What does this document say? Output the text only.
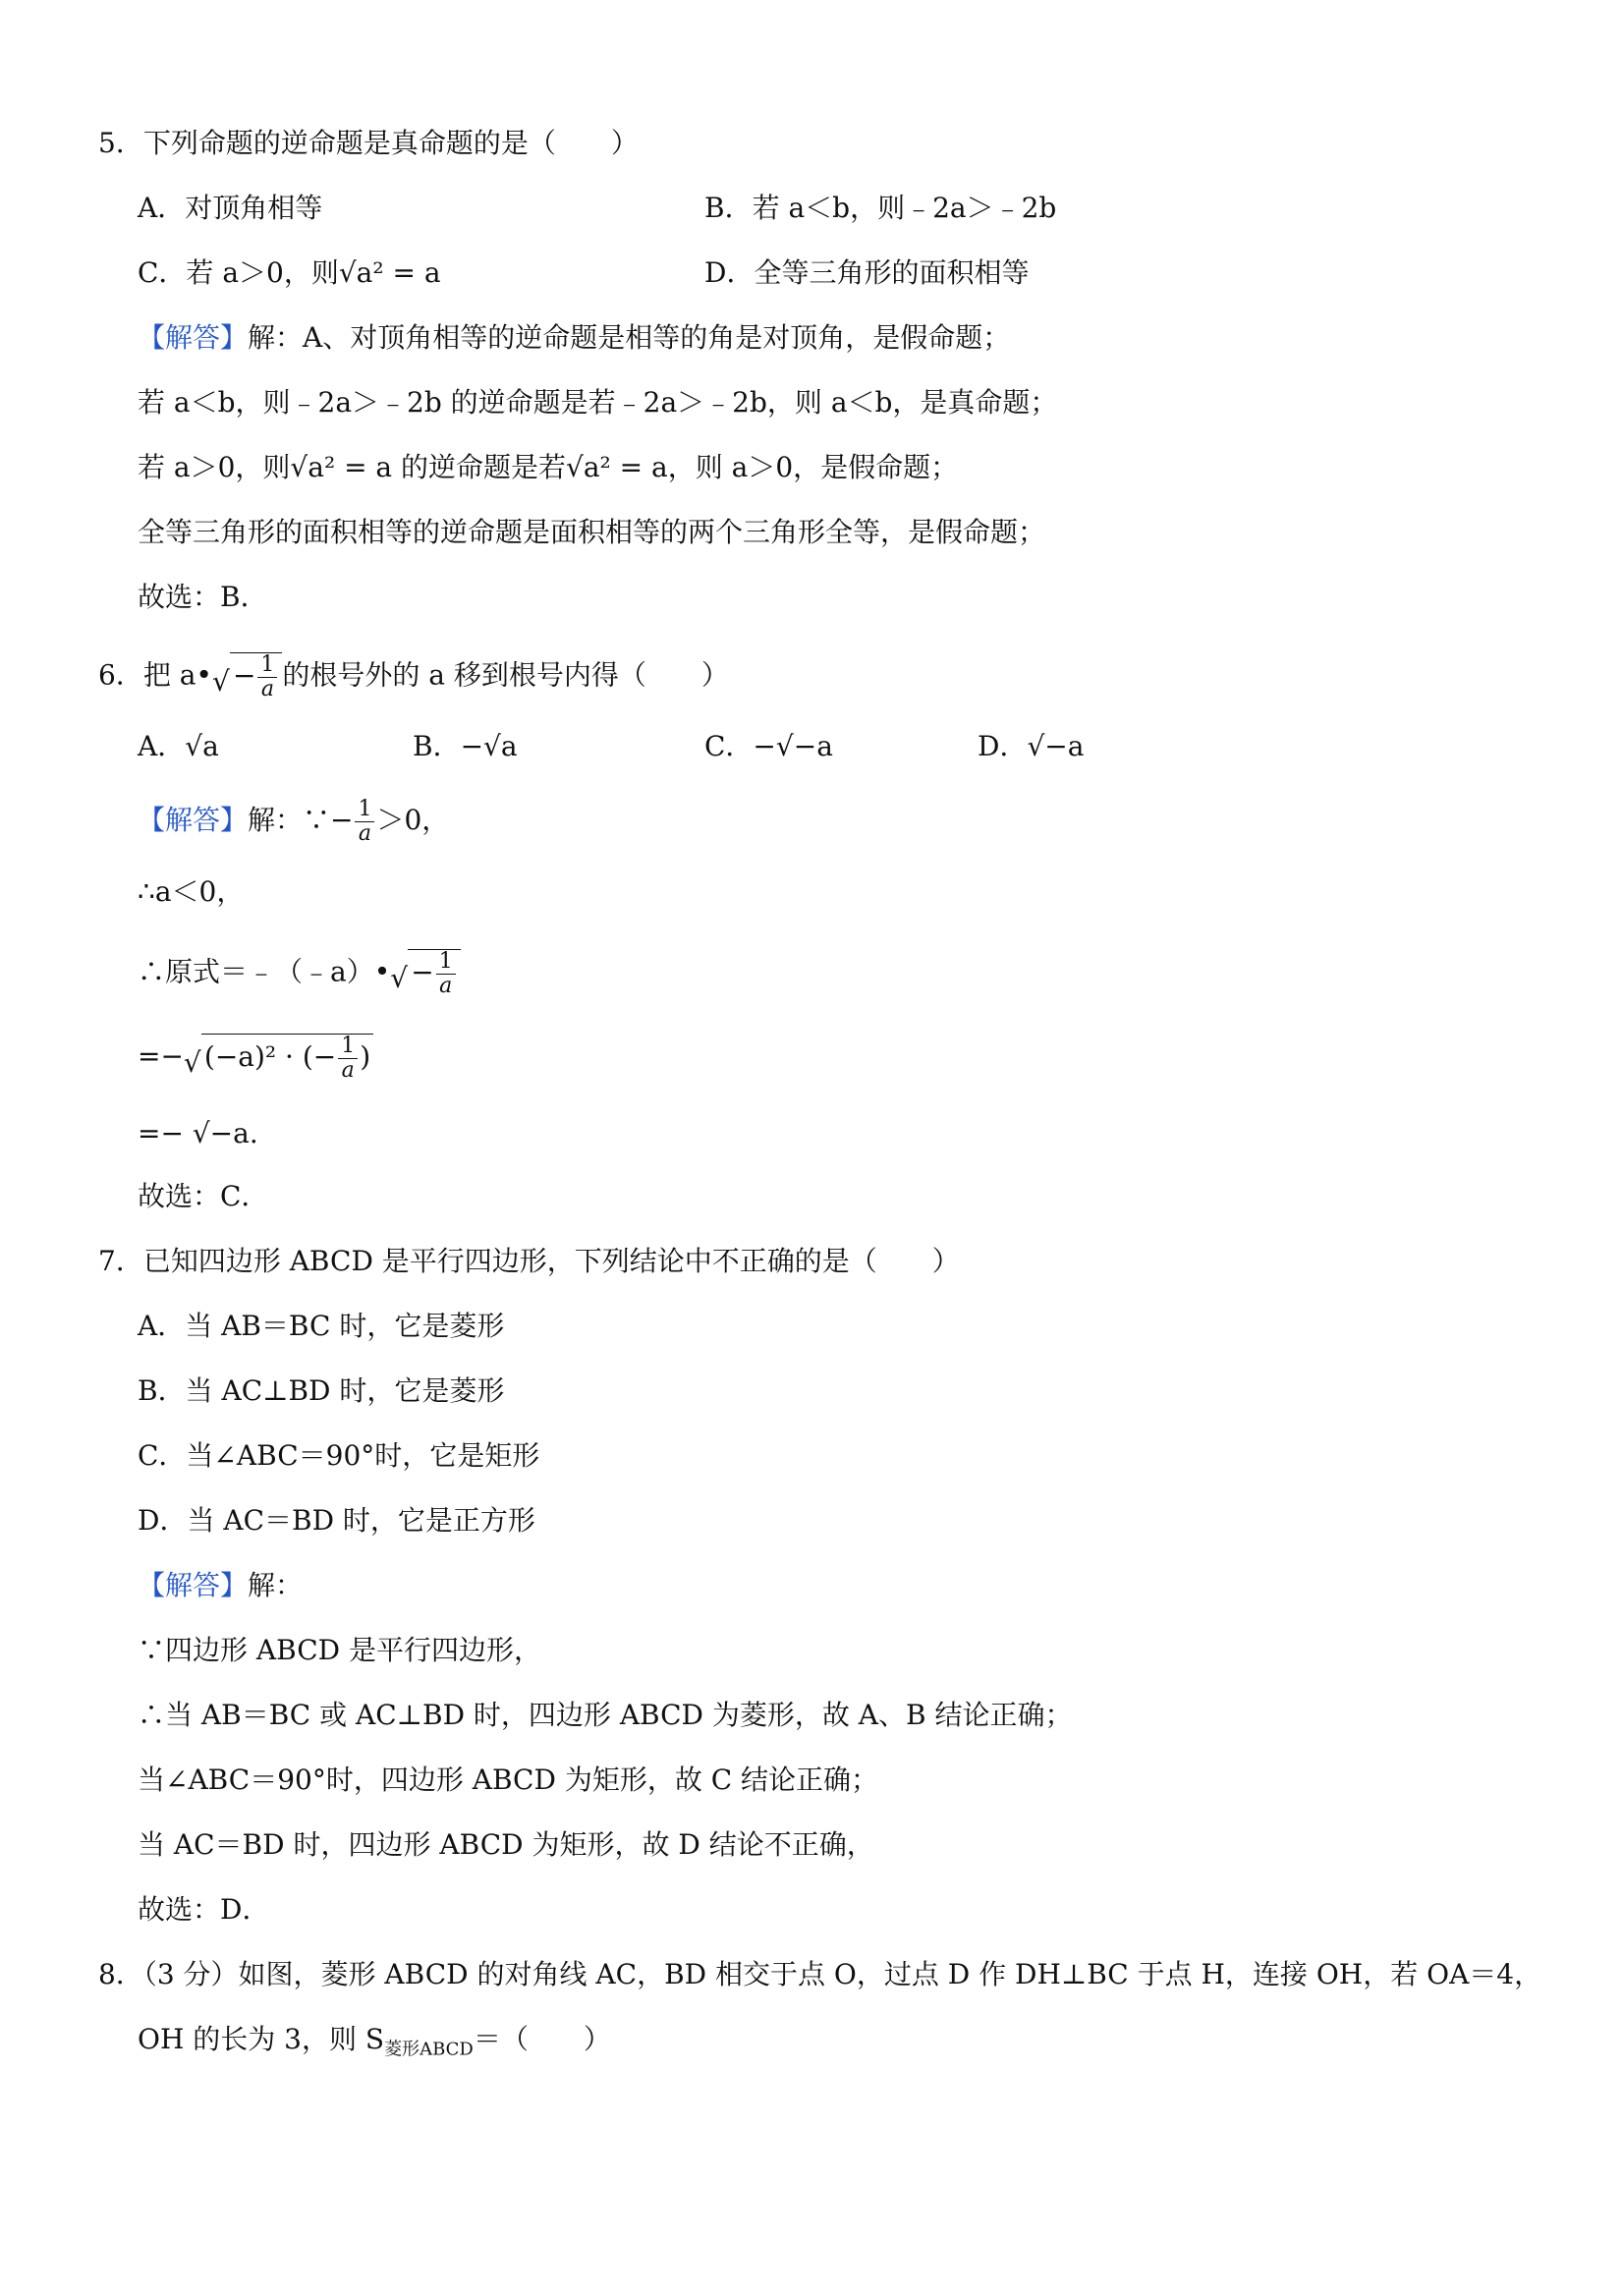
5．下列命题的逆命题是真命题的是（　　）
A．对顶角相等	B．若 a＜b，则﹣2a＞﹣2b
C．若 a＞0，则√a² = a	D．全等三角形的面积相等
【解答】解：A、对顶角相等的逆命题是相等的角是对顶角，是假命题；
若 a＜b，则﹣2a＞﹣2b 的逆命题是若﹣2a＞﹣2b，则 a＜b，是真命题；
若 a＞0，则√a² = a 的逆命题是若√a² = a，则 a＞0，是假命题；
全等三角形的面积相等的逆命题是面积相等的两个三角形全等，是假命题；
故选：B．
6．把 a• √ − $\frac{1}{a}$ 的根号外的 a 移到根号内得（　　）
A．√a	B．−√a	C．−√−a	D．√−a
【解答】解：∵− $\frac{1}{a} >0$，
∴a＜0，
∴原式＝﹣（﹣a）• √ − $\frac{1}{a}$
=− √ (−a)² · (− $\frac{1}{a}$ )
=− √−a.
故选：C．
7．已知四边形 ABCD 是平行四边形，下列结论中不正确的是（　　）
A．当 AB＝BC 时，它是菱形
B．当 AC⊥BD 时，它是菱形
C．当∠ABC＝90°时，它是矩形
D．当 AC＝BD 时，它是正方形
【解答】解：
∵四边形 ABCD 是平行四边形，
∴当 AB＝BC 或 AC⊥BD 时，四边形 ABCD 为菱形，故 A、B 结论正确；
当∠ABC＝90°时，四边形 ABCD 为矩形，故 C 结论正确；
当 AC＝BD 时，四边形 ABCD 为矩形，故 D 结论不正确，
故选：D．
8．（3 分）如图，菱形 ABCD 的对角线 AC，BD 相交于点 O，过点 D 作 DH⊥BC 于点 H，连接 OH，若 OA＝4，
OH 的长为 3，则 $S_{菱形ABCD}=$（　　）
